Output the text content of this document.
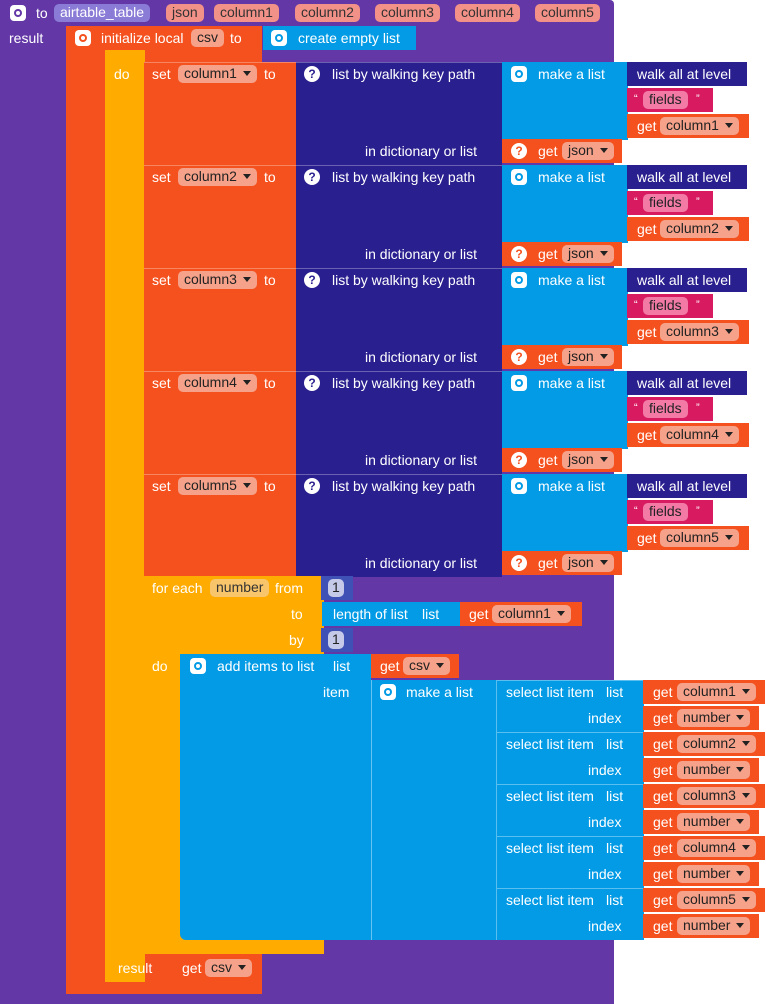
to airtable_table	json	column1	column2	column3	column4	column5
result	initialize local csv to	create empty list
do set column1	to	?	list by walking key path
in dictionary or list
make a list walk all at level
“ fields	”
get column1
?	get json
set column2	to	?	list by walking key path
in dictionary or list
make a list walk all at level
“ fields	”
get column2
?	get json
set column3	to	?	list by walking key path
in dictionary or list
make a list walk all at level
“ fields	”
get column3
?	get json
set column4	to	?	list by walking key path
in dictionary or list
make a list walk all at level
“ fields	”
get column4
?	get json
set column5	to	?	list by walking key path
in dictionary or list
make a list walk all at level
“ fields	”
get column5
?	get json
for each number from 1
to length of list list get column1
by 1
do	add items to list list get csv
item	make a list select list item list
index
get column1
get number
select list item list
index
get column2
get number
select list item list
index
get column3
get number
select list item list
index
get column4
get number
select list item list
index
get column5
get number
result get csv
